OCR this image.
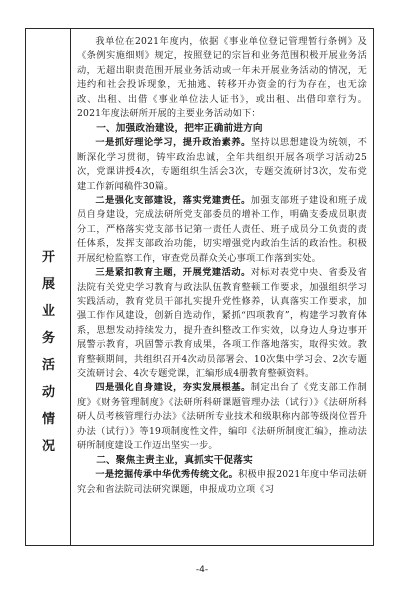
开
展
业
务
活
动
情
况

我单位在2021年度内，依据《事业单位登记管理暂行条例》及《条例实施细则》规定，按照登记的宗旨和业务范围积极开展业务活动，无超出职责范围开展业务活动或一年未开展业务活动的情况，无违约和社会投诉现象，无抽逃、转移开办资金的行为存在，也无涂改、出租、出借《事业单位法人证书》，或出租、出借印章行为。2021年度法研所开展的主要业务活动如下：

一、加强政治建设，把牢正确前进方向

一是抓好理论学习，提升政治素养。坚持以思想建设为统领，不断深化学习贯彻，铸牢政治忠诚，全年共组织开展各项学习活动25次，党课讲授4次，专题组织生活会3次，专题交流研讨3次，发布党建工作新闻稿件30篇。

二是强化支部建设，落实党建责任。加强支部班子建设和班子成员自身建设，完成法研所党支部委员的增补工作，明确支委成员职责分工，严格落实党支部书记第一责任人责任、班子成员分工负责的责任体系，发挥支部政治功能，切实增强党内政治生活的政治性。积极开展纪检监察工作，审查党员群众关心事项工作落到实处。

三是紧扣教育主题，开展党建活动。对标对表党中央、省委及省法院有关党史学习教育与政法队伍教育整顿工作要求，加强组织学习实践活动，教育党员干部扎实提升党性修养，认真落实工作要求，加强工作作风建设，创新自选动作，紧抓“四项教育”，构建学习教育体系，思想发动持续发力，提升查纠整改工作实效，以身边人身边事开展警示教育，巩固警示教育成果，各项工作落地落实，取得实效。教育整顿期间，共组织召开4次动员部署会、10次集中学习会、2次专题交流研讨会、4次专题党课，汇编形成4册教育整顿资料。

四是强化自身建设，夯实发展根基。制定出台了《党支部工作制度》《财务管理制度》《法研所科研课题管理办法（试行）》《法研所科研人员考核管理行办法》《法研所专业技术和级职称内部等级岗位晋升办法（试行）》等19项制度性文件，编印《法研所制度汇编》，推动法研所制度建设工作迈出坚实一步。

二、聚焦主责主业，真抓实干促落实

一是挖掘传承中华优秀传统文化。积极申报2021年度中华司法研究会和省法院司法研究课题，申报成功立项《习

-4-
